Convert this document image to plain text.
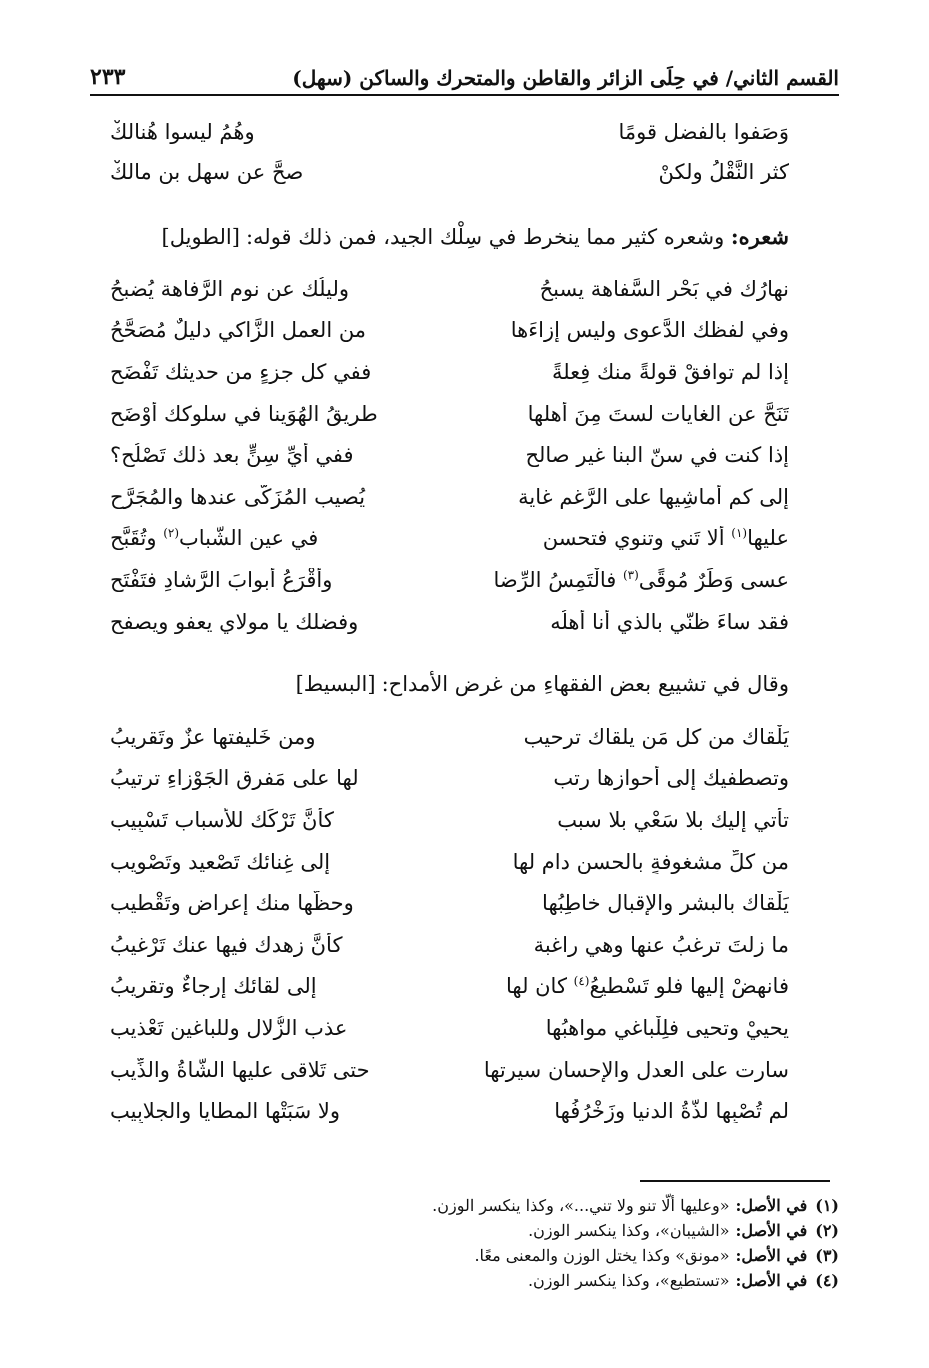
القسم الثاني/ في حِلَى الزائر والقاطن والمتحرك والساكن (سهل)
٢٣٣
وَصَفوا بالفضل قومًا
وهُمُ ليسوا هُنالكْ
كثر النَّقْلُ ولكنْ
صحَّ عن سهل بن مالكْ
شعره: وشعره كثير مما ينخرط في سِلْك الجيد، فمن ذلك قوله:[الطويل]
نهارُك في بَحْر السَّفاهة يسبحُ
وليلُك عن نوم الرَّفاهة يُضبحُ
وفي لفظك الدَّعوى وليس إزاءَها
من العمل الزَّاكي دليلٌ مُصَحَّحُ
إذا لم توافقْ قولةً منك فِعلةً
ففي كل جزءٍ من حديثك تَفْضَح
تَنَحَّ عن الغايات لستَ مِنَ أهلها
طريقُ الهُوَينا في سلوكك أوْضَح
إذا كنت في سنّ البنا غير صالح
ففي أيِّ سِنٍّ بعد ذلك تَصْلُح؟
إلى كم أُماشِيها على الرَّغم غاية
يُصيب المُزَكّى عندها والمُجَرَّح
عليها$^{(١)}$ ألا تَني وتنوي فتحسن
في عين الشَّباب$^{(٢)}$ وتُقَبَّح
عسى وَطَرٌ مُوقًى$^{(٣)}$ فالْتَمِسُ الرِّضا
وأقْرَعُ أبوابَ الرَّشادِ فتَفْتَح
فقد ساءَ ظنّي بالذي أنا أهلُه
وفضلك يا مولاي يعفو ويصفح
وقال في تشييع بعض الفقهاءِ من غرض الأمداح:[البسيط]
يَلْقاك من كل مَن يلقاك ترحيب
ومن خَليفتها عزٌ وتَقريبُ
وتصطفيك إلى أحوازها رتب
لها على مَفرق الجَوْزاءِ ترتيبُ
تأتي إليك بلا سَعْي بلا سبب
كأنَّ تَرْكَك للأسباب تَسْبِيب
من كلِّ مشغوفةٍ بالحسن دام لها
إلى غِنائك تَصْعيد وتَصْويب
يَلْقاك بالبشر والإقبال خاطِبُها
وحظُّها منك إعراض وتَقْطيب
ما زلتَ ترغبُ عنها وهي راغبة
كأنَّ زهدك فيها عنك تَرْغيبُ
فانهضْ إليها فلو تَسْطيعُ$^{(٤)}$ كان لها
إلى لقائك إرجاءٌ وتقريبُ
يحييْ وتحيى فلِلْباغي مواهبُها
عذب الزُّلال وللباغين تَعْذيب
سارت على العدل والإحسان سيرتها
حتى تَلاقى عليها الشَّاةُ والذِّيب
لم تُصْبِها لذَّةُ الدنيا وزَخْرُفُها
ولا سَبَتْها المطايا والجلابِيب
(١)في الأصل:«وعليها ألّا تنو ولا تني...»، وكذا ينكسر الوزن.
(٢)في الأصل:«الشيبان»، وكذا ينكسر الوزن.
(٣)في الأصل:«مونق» وكذا يختل الوزن والمعنى معًا.
(٤)في الأصل:«تستطيع»، وكذا ينكسر الوزن.
